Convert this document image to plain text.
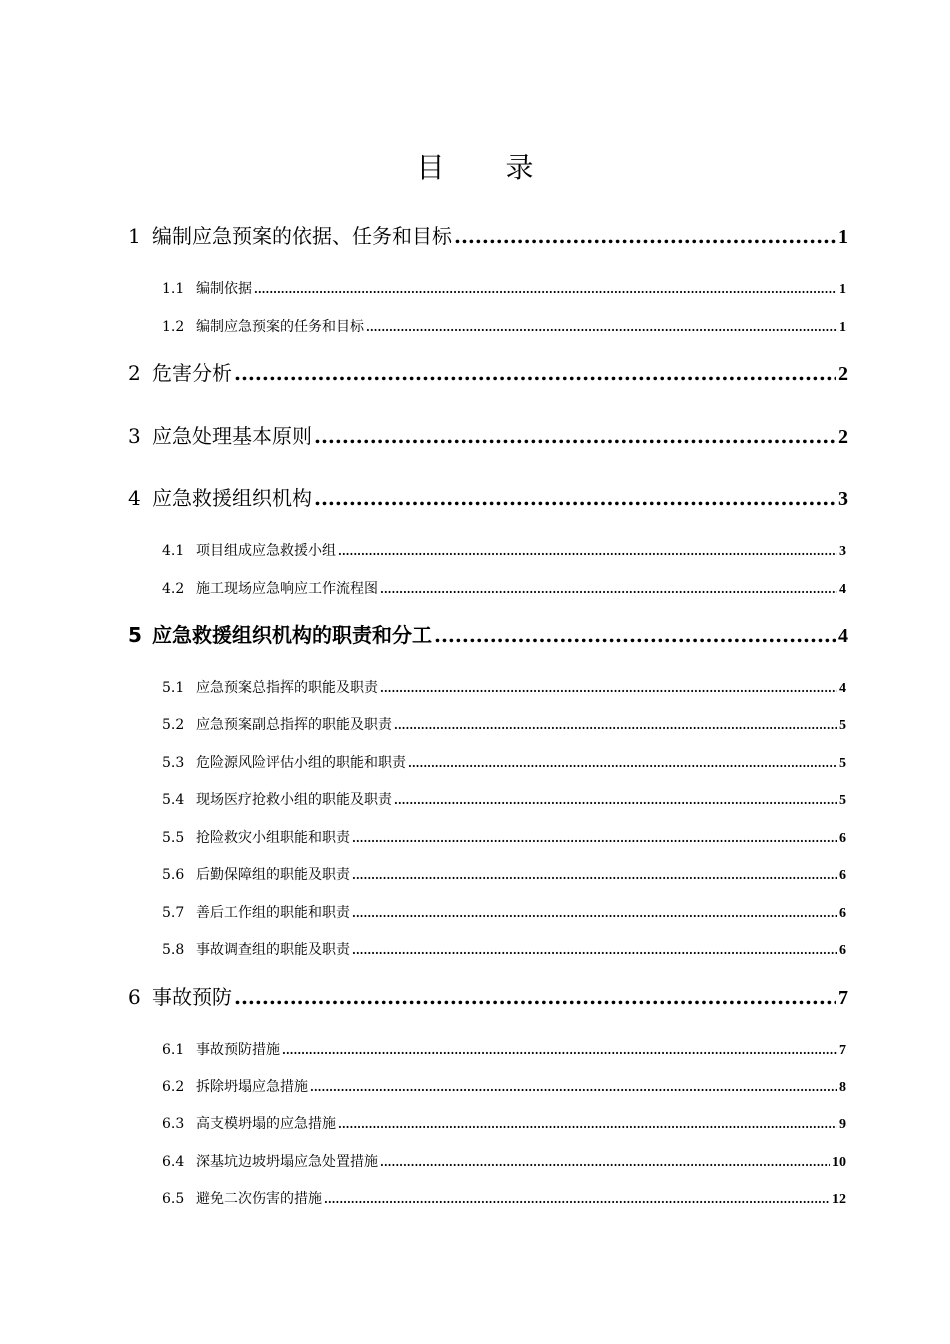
目 录
1 编制应急预案的依据、任务和目标 .....	1
1.1 编制依据 .....	1
1.2 编制应急预案的任务和目标 .....	1
2 危害分析 .....	2
3 应急处理基本原则 .....	2
4 应急救援组织机构 .....	3
4.1 项目组成应急救援小组 .....	3
4.2 施工现场应急响应工作流程图 .....	4
5 应急救援组织机构的职责和分工 .....	4
5.1 应急预案总指挥的职能及职责 .....	4
5.2 应急预案副总指挥的职能及职责 .....	5
5.3 危险源风险评估小组的职能和职责 .....	5
5.4 现场医疗抢救小组的职能及职责 .....	5
5.5 抢险救灾小组职能和职责 .....	6
5.6 后勤保障组的职能及职责 .....	6
5.7 善后工作组的职能和职责 .....	6
5.8 事故调查组的职能及职责 .....	6
6 事故预防 .....	7
6.1 事故预防措施 .....	7
6.2 拆除坍塌应急措施 .....	8
6.3 高支模坍塌的应急措施 .....	9
6.4 深基坑边坡坍塌应急处置措施 .....	10
6.5 避免二次伤害的措施 .....	12
